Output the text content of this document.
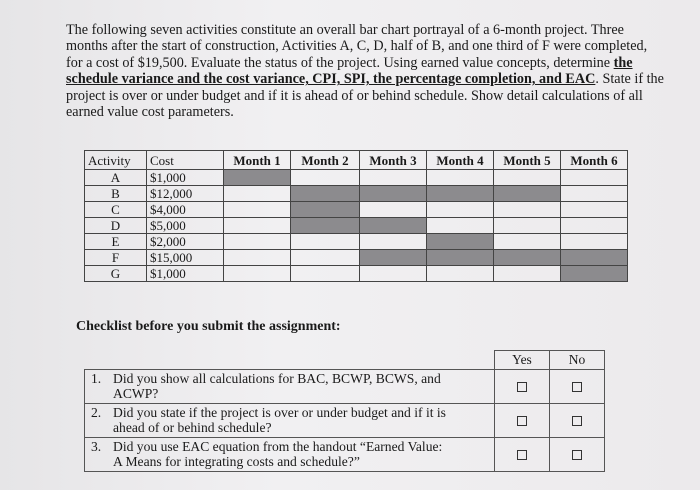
The following seven activities constitute an overall bar chart portrayal of a 6-month project. Three months after the start of construction, Activities A, C, D, half of B, and one third of F were completed, for a cost of $19,500. Evaluate the status of the project. Using earned value concepts, determine the schedule variance and the cost variance, CPI, SPI, the percentage completion, and EAC. State if the project is over or under budget and if it is ahead of or behind schedule. Show detail calculations of all earned value cost parameters.
Activity	Cost	Month 1	Month 2	Month 3	Month 4	Month 5	Month 6
A	$1,000						
B	$12,000						
C	$4,000						
D	$5,000						
E	$2,000						
F	$15,000						
G	$1,000						
Checklist before you submit the assignment:
	Yes	No

1. Did you show all calculations for BAC, BCWP, BCWS, and
ACWP?		

2. Did you state if the project is over or under budget and if it is
ahead of or behind schedule?		

3. Did you use EAC equation from the handout “Earned Value:
A Means for integrating costs and schedule?”		
